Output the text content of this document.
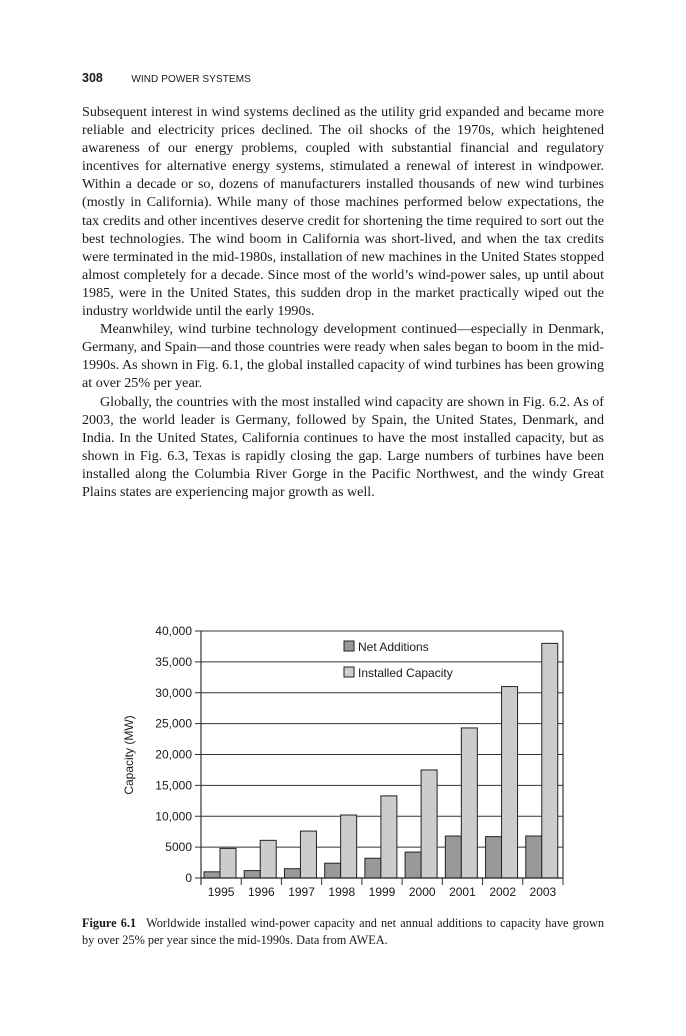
308	WIND POWER SYSTEMS

Subsequent interest in wind systems declined as the utility grid expanded and became more reliable and electricity prices declined. The oil shocks of the 1970s, which heightened awareness of our energy problems, coupled with substantial financial and regulatory incentives for alternative energy systems, stimulated a renewal of interest in windpower. Within a decade or so, dozens of manufacturers installed thousands of new wind turbines (mostly in California). While many of those machines performed below expectations, the tax credits and other incentives deserve credit for shortening the time required to sort out the best technologies. The wind boom in California was short-lived, and when the tax credits were terminated in the mid-1980s, installation of new machines in the United States stopped almost completely for a decade. Since most of the world’s wind-power sales, up until about 1985, were in the United States, this sudden drop in the market practically wiped out the industry worldwide until the early 1990s.

Meanwhiley, wind turbine technology development continued—especially in Denmark, Germany, and Spain—and those countries were ready when sales began to boom in the mid-1990s. As shown in Fig. 6.1, the global installed capacity of wind turbines has been growing at over 25% per year.

Globally, the countries with the most installed wind capacity are shown in Fig. 6.2. As of 2003, the world leader is Germany, followed by Spain, the United States, Denmark, and India. In the United States, California continues to have the most installed capacity, but as shown in Fig. 6.3, Texas is rapidly closing the gap. Large numbers of turbines have been installed along the Columbia River Gorge in the Pacific Northwest, and the windy Great Plains states are experiencing major growth as well.

0
5000
10,000
15,000
20,000
25,000
30,000
35,000
40,000
1995 1996 1997 1998 1999 2000 2001 2002 2003
Capacity (MW)
Net Additions
Installed Capacity
Figure 6.1 Worldwide installed wind-power capacity and net annual additions to capacity have grown by over 25% per year since the mid-1990s. Data from AWEA.
